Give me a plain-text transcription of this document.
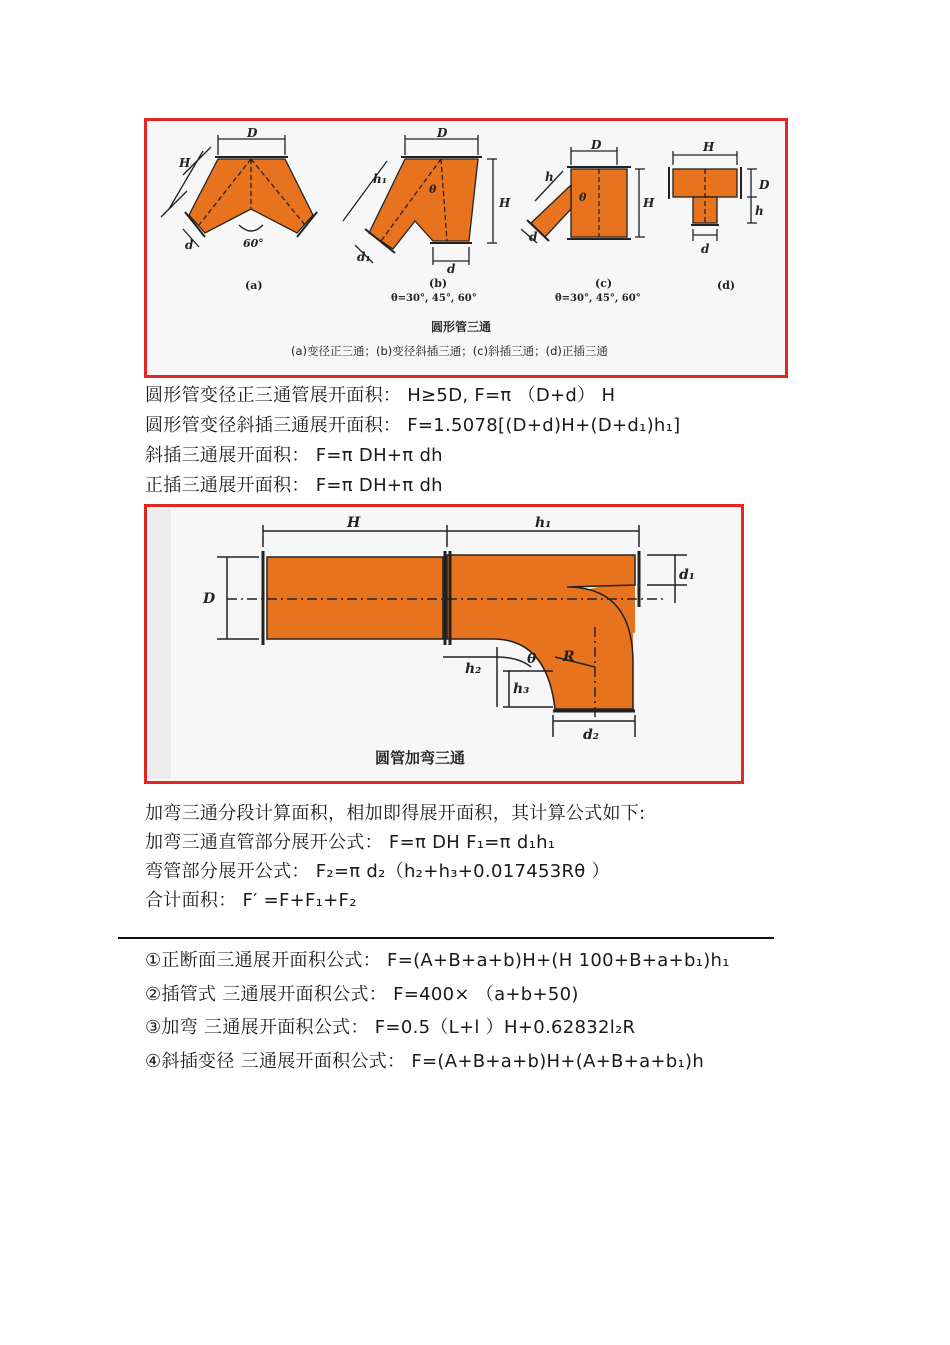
D
H
d	60°
D
h₁
θ
H
d₁
d
D
h
θ	H
d
H
D
h
d
(a)	(b)
θ=30°, 45°, 60°
(c)
θ=30°, 45°, 60°
(d)
圆形管三通
(a)变径正三通；(b)变径斜插三通；(c)斜插三通；(d)正插三通
圆形管变径正三通管展开面积： H≥5D, F=π （D+d） H
圆形管变径斜插三通展开面积： F=1.5078[(D+d)H+(D+d₁)h₁]
斜插三通展开面积： F=π DH+π dh
正插三通展开面积： F=π DH+π dh
H	h₁
D
d₁
h₂
θ R
h₃
d₂
圆管加弯三通
加弯三通分段计算面积，相加即得展开面积，其计算公式如下:
加弯三通直管部分展开公式： F=π DH F₁=π d₁h₁
弯管部分展开公式： F₂=π d₂（h₂+h₃+0.017453Rθ ）
合计面积： F′ =F+F₁+F₂
①正断面三通展开面积公式： F=(A+B+a+b)H+(H 100+B+a+b₁)h₁
②插管式 三通展开面积公式： F=400× （a+b+50)
③加弯 三通展开面积公式： F=0.5（L+l ）H+0.62832l₂R
④斜插变径 三通展开面积公式： F=(A+B+a+b)H+(A+B+a+b₁)h
